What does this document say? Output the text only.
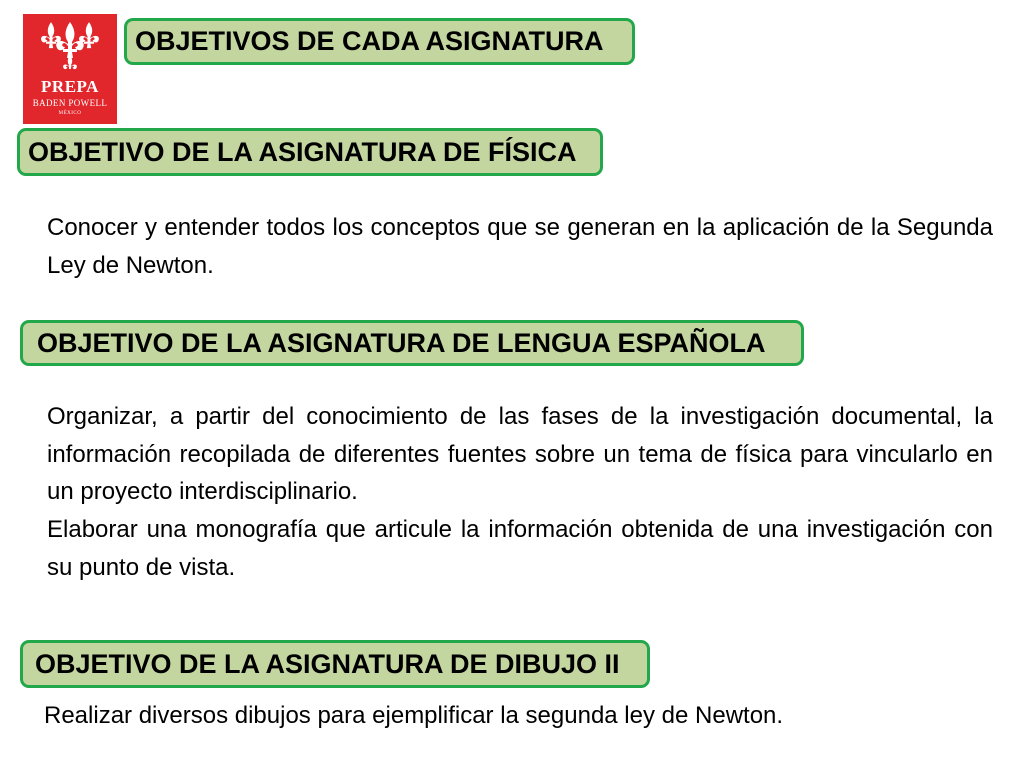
PREPA
BADEN POWELL
MÉXICO
OBJETIVOS DE CADA ASIGNATURA
OBJETIVO DE LA ASIGNATURA DE FÍSICA

Conocer y entender todos los conceptos que se generan en la aplicación de la Segunda Ley de Newton.

OBJETIVO DE LA ASIGNATURA DE LENGUA ESPAÑOLA

Organizar, a partir del conocimiento de las fases de la investigación documental, la información recopilada de diferentes fuentes sobre un tema de física para vincularlo en un proyecto interdisciplinario.

Elaborar una monografía que articule la información obtenida de una investigación con su punto de vista.

OBJETIVO DE LA ASIGNATURA DE DIBUJO II

Realizar diversos dibujos para ejemplificar la segunda ley de Newton.
